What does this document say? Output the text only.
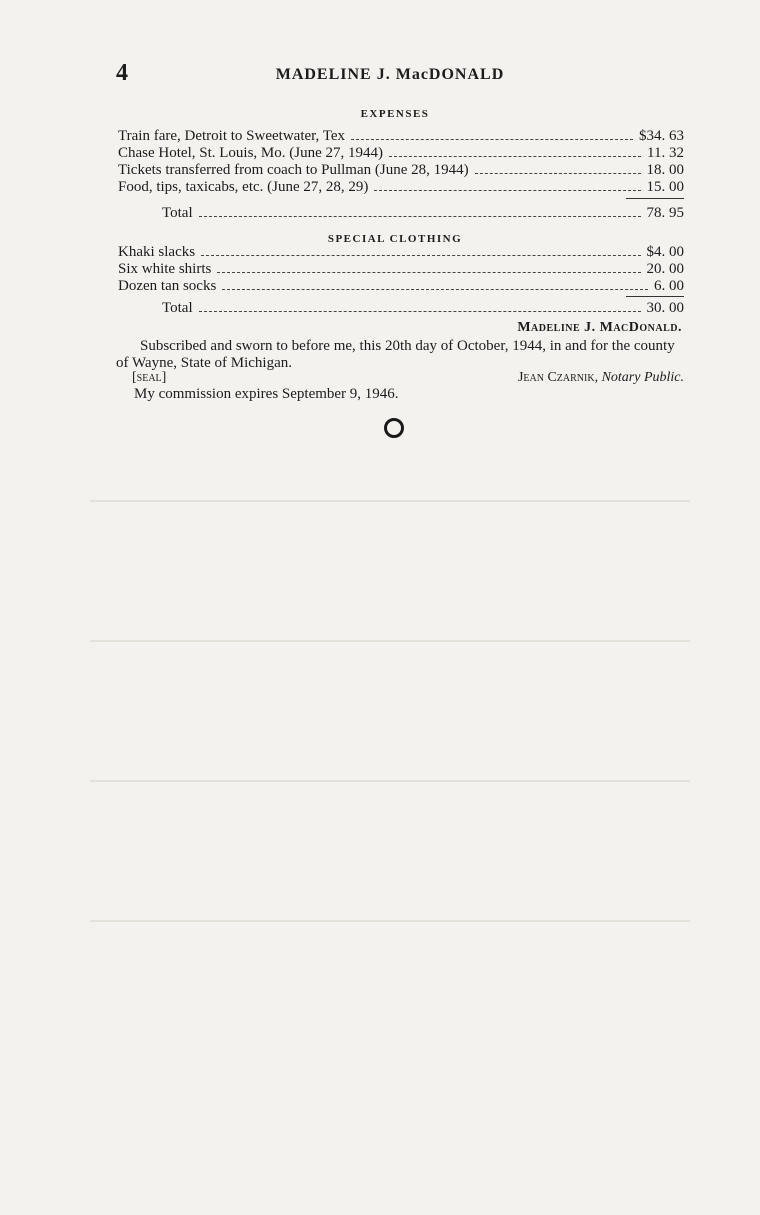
4	MADELINE J. MacDONALD
EXPENSES
Train fare, Detroit to Sweetwater, Tex	$34. 63
Chase Hotel, St. Louis, Mo. (June 27, 1944)	11. 32
Tickets transferred from coach to Pullman (June 28, 1944)	18. 00
Food, tips, taxicabs, etc. (June 27, 28, 29)	15. 00
Total	78. 95
SPECIAL CLOTHING
Khaki slacks	$4. 00
Six white shirts	20. 00
Dozen tan socks	6. 00
Total	30. 00
Madeline J. MacDonald.
Subscribed and sworn to before me, this 20th day of October, 1944, in and for the county of Wayne, State of Michigan.
[seal]	Jean Czarnik, Notary Public.
My commission expires September 9, 1946.
